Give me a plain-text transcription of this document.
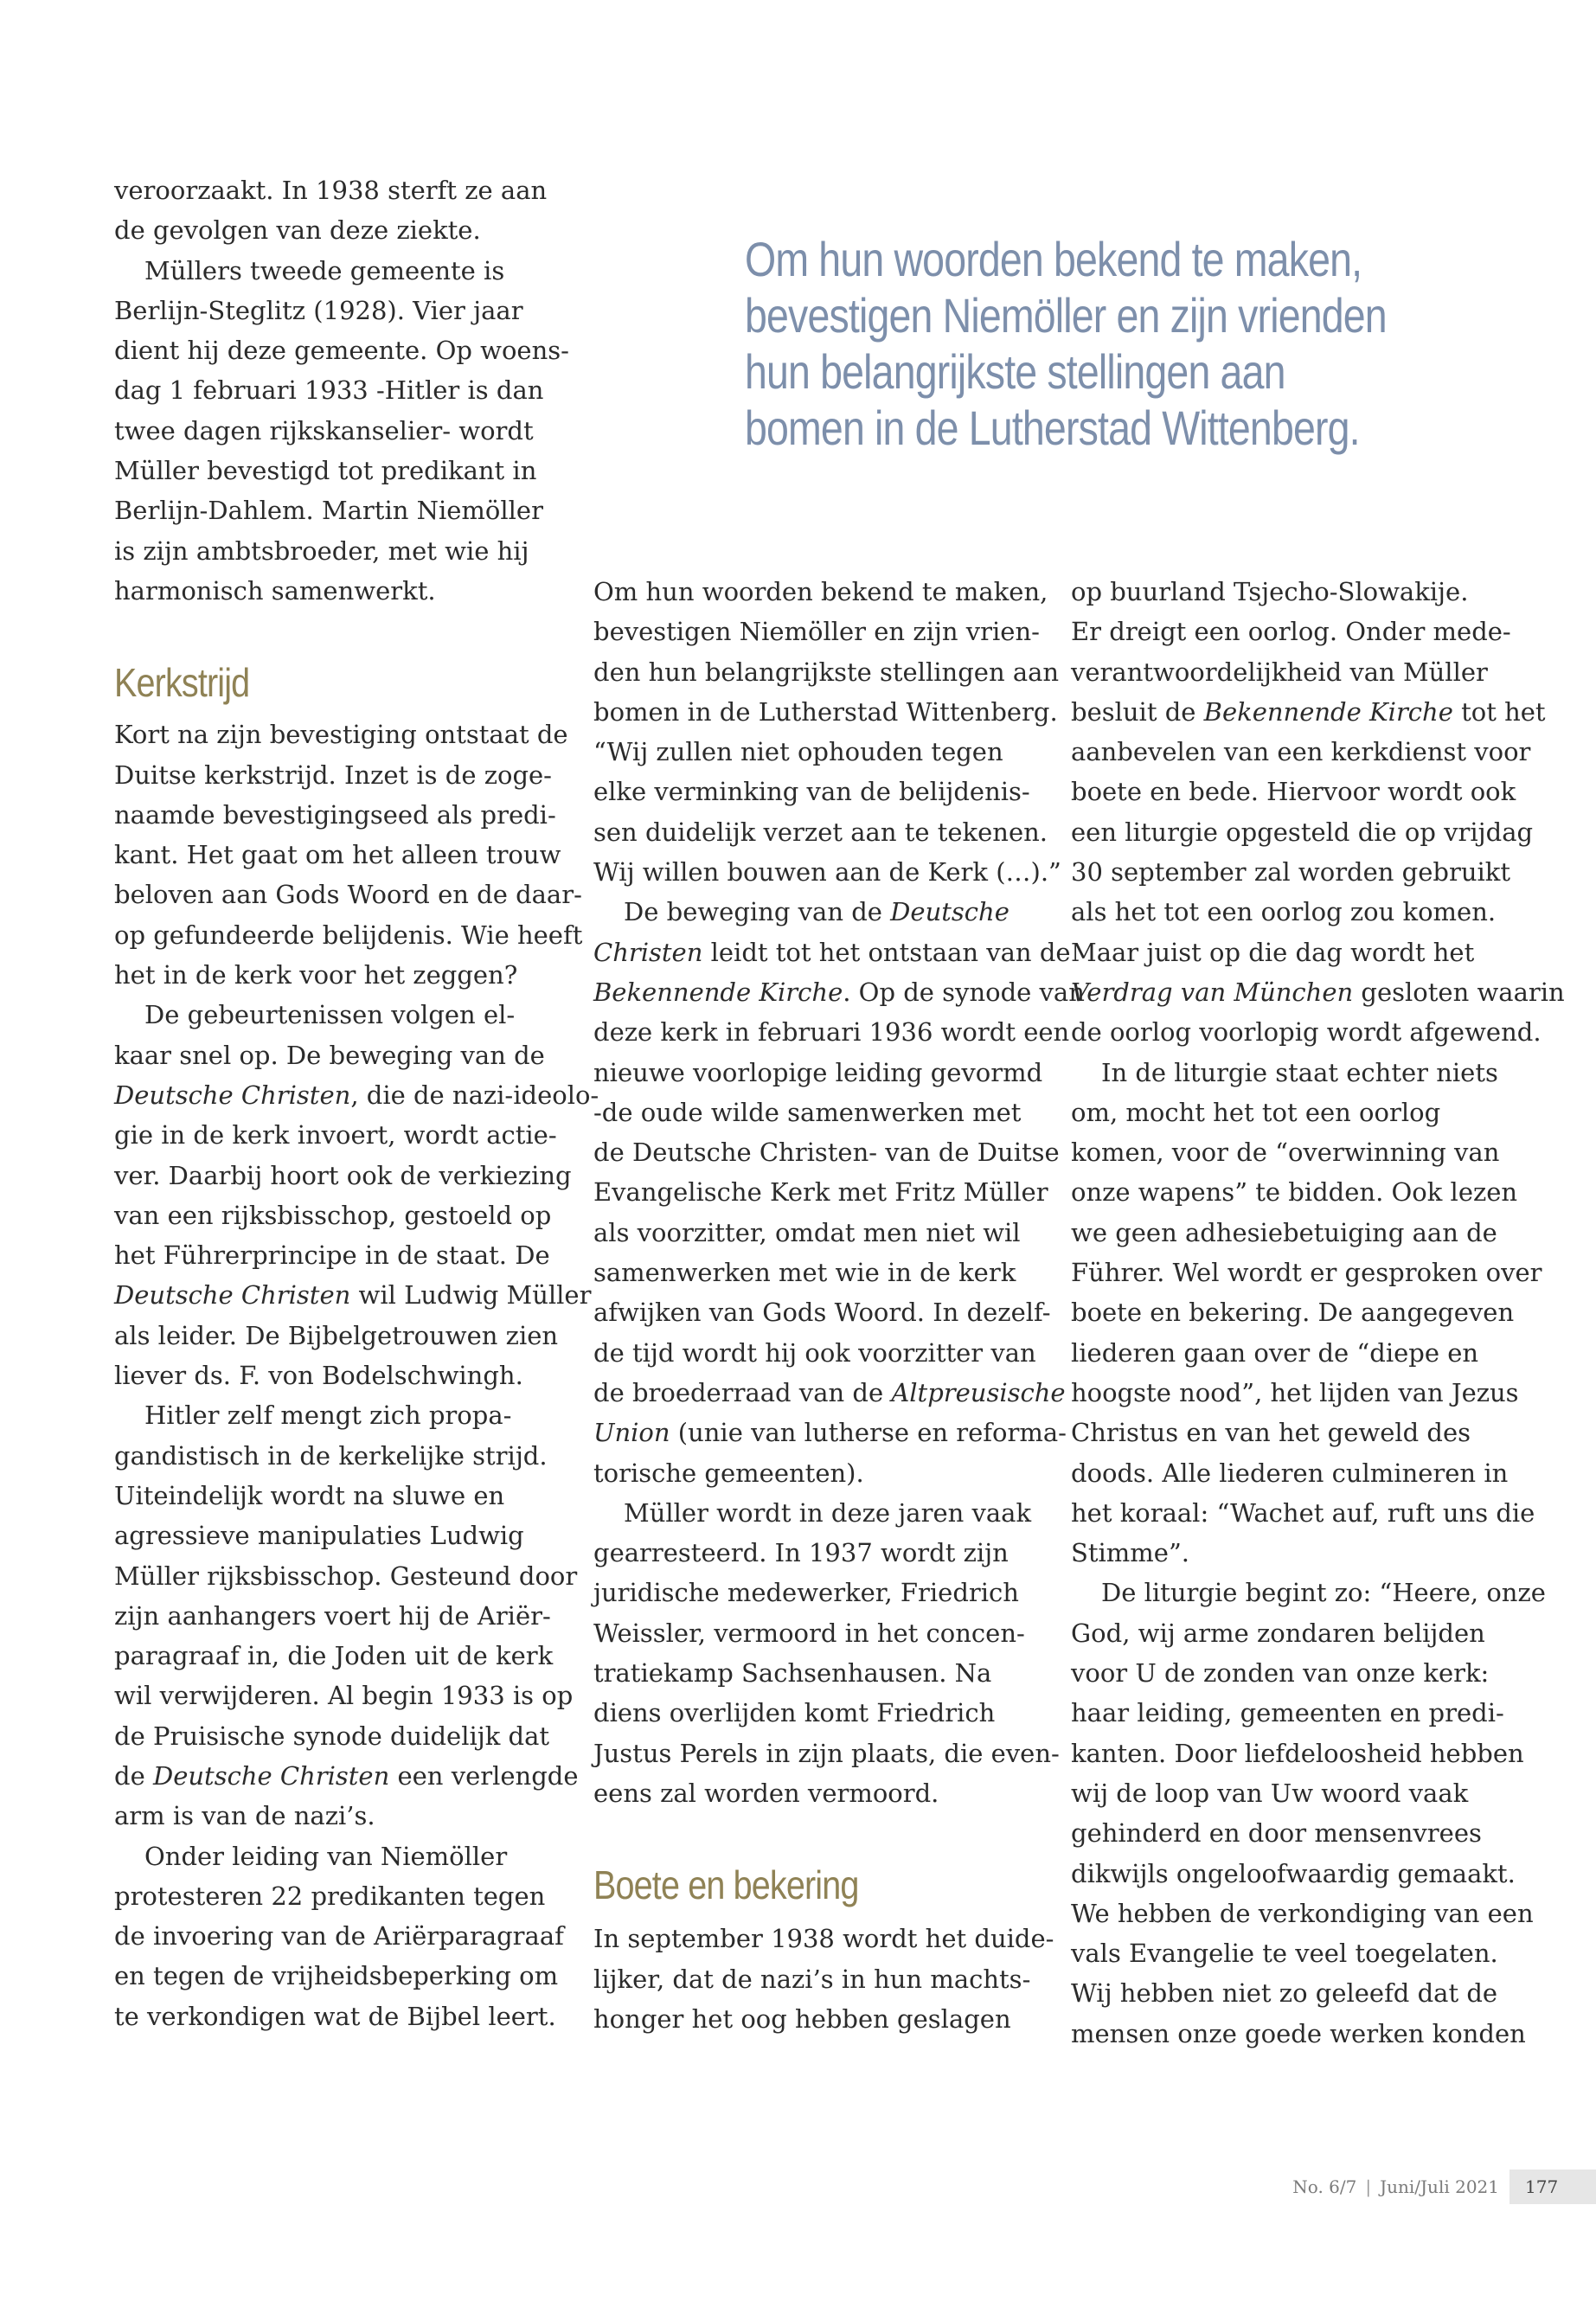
Om hun woorden bekend te maken,
bevestigen Niemöller en zijn vrienden
hun belangrijkste stellingen aan
bomen in de Lutherstad Wittenberg.

veroorzaakt. In 1938 sterft ze aan
de gevolgen van deze ziekte.

Müllers tweede gemeente is
Berlijn-Steglitz (1928). Vier jaar
dient hij deze gemeente. Op woens-
dag 1 februari 1933 -Hitler is dan
twee dagen rijkskanselier- wordt
Müller bevestigd tot predikant in
Berlijn-Dahlem. Martin Niemöller
is zijn ambtsbroeder, met wie hij
harmonisch samenwerkt.

Kerkstrijd

Kort na zijn bevestiging ontstaat de
Duitse kerkstrijd. Inzet is de zoge-
naamde bevestigingseed als predi-
kant. Het gaat om het alleen trouw
beloven aan Gods Woord en de daar-
op gefundeerde belijdenis. Wie heeft
het in de kerk voor het zeggen?

De gebeurtenissen volgen el-
kaar snel op. De beweging van de
Deutsche Christen, die de nazi-ideolo-
gie in de kerk invoert, wordt actie-
ver. Daarbij hoort ook de verkiezing
van een rijksbisschop, gestoeld op
het Führerprincipe in de staat. De
Deutsche Christen wil Ludwig Müller
als leider. De Bijbelgetrouwen zien
liever ds. F. von Bodelschwingh.

Hitler zelf mengt zich propa-
gandistisch in de kerkelijke strijd.
Uiteindelijk wordt na sluwe en
agressieve manipulaties Ludwig
Müller rijksbisschop. Gesteund door
zijn aanhangers voert hij de Ariër-
paragraaf in, die Joden uit de kerk
wil verwijderen. Al begin 1933 is op
de Pruisische synode duidelijk dat
de Deutsche Christen een verlengde
arm is van de nazi’s.

Onder leiding van Niemöller
protesteren 22 predikanten tegen
de invoering van de Ariërparagraaf
en tegen de vrijheidsbeperking om
te verkondigen wat de Bijbel leert.

Om hun woorden bekend te maken,
bevestigen Niemöller en zijn vrien-
den hun belangrijkste stellingen aan
bomen in de Lutherstad Wittenberg.
“Wij zullen niet ophouden tegen
elke verminking van de belijdenis-
sen duidelijk verzet aan te tekenen.
Wij willen bouwen aan de Kerk (…).”

De beweging van de Deutsche
Christen leidt tot het ontstaan van de
Bekennende Kirche. Op de synode van
deze kerk in februari 1936 wordt een
nieuwe voorlopige leiding gevormd
-de oude wilde samenwerken met
de Deutsche Christen- van de Duitse
Evangelische Kerk met Fritz Müller
als voorzitter, omdat men niet wil
samenwerken met wie in de kerk
afwijken van Gods Woord. In dezelf-
de tijd wordt hij ook voorzitter van
de broederraad van de Altpreusische
Union (unie van lutherse en reforma-
torische gemeenten).

Müller wordt in deze jaren vaak
gearresteerd. In 1937 wordt zijn
juridische medewerker, Friedrich
Weissler, vermoord in het concen-
tratiekamp Sachsenhausen. Na
diens overlijden komt Friedrich
Justus Perels in zijn plaats, die even-
eens zal worden vermoord.

Boete en bekering

In september 1938 wordt het duide-
lijker, dat de nazi’s in hun machts-
honger het oog hebben geslagen

op buurland Tsjecho-Slowakije.
Er dreigt een oorlog. Onder mede-
verantwoordelijkheid van Müller
besluit de Bekennende Kirche tot het
aanbevelen van een kerkdienst voor
boete en bede. Hiervoor wordt ook
een liturgie opgesteld die op vrijdag
30 september zal worden gebruikt
als het tot een oorlog zou komen.
Maar juist op die dag wordt het
Verdrag van München gesloten waarin
de oorlog voorlopig wordt afgewend.

In de liturgie staat echter niets
om, mocht het tot een oorlog
komen, voor de “overwinning van
onze wapens” te bidden. Ook lezen
we geen adhesiebetuiging aan de
Führer. Wel wordt er gesproken over
boete en bekering. De aangegeven
liederen gaan over de “diepe en
hoogste nood”, het lijden van Jezus
Christus en van het geweld des
doods. Alle liederen culmineren in
het koraal: “Wachet auf, ruft uns die
Stimme”.

De liturgie begint zo: “Heere, onze
God, wij arme zondaren belijden
voor U de zonden van onze kerk:
haar leiding, gemeenten en predi-
kanten. Door liefdeloosheid hebben
wij de loop van Uw woord vaak
gehinderd en door mensenvrees
dikwijls ongeloofwaardig gemaakt.
We hebben de verkondiging van een
vals Evangelie te veel toegelaten.
Wij hebben niet zo geleefd dat de
mensen onze goede werken konden

No. 6/7 | Juni/Juli 2021	177
